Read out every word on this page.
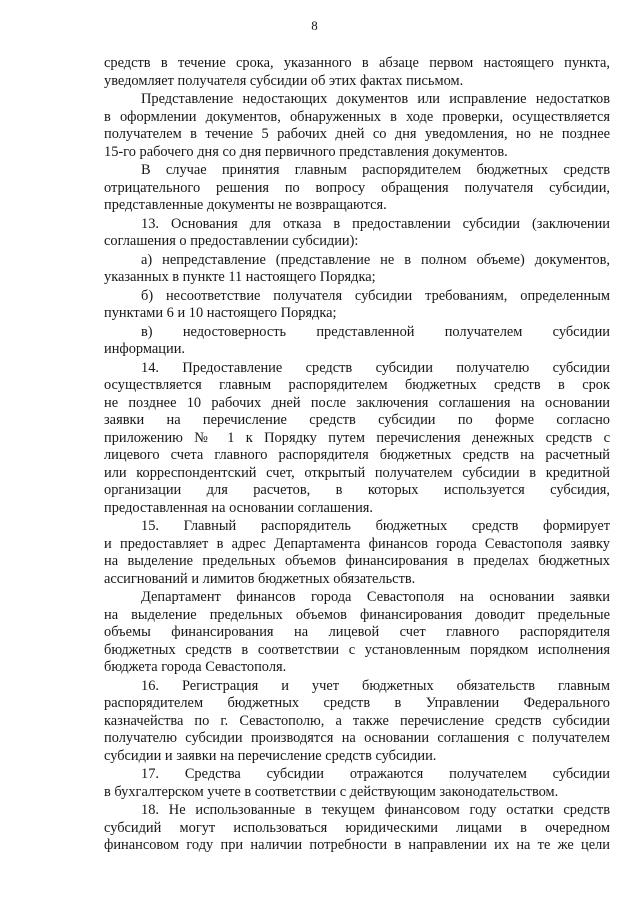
8

средств в течение срока, указанного в абзаце первом настоящего пункта,

уведомляет получателя субсидии об этих фактах письмом.

Представление недостающих документов или исправление недостатков

в оформлении документов, обнаруженных в ходе проверки, осуществляется

получателем в течение 5 рабочих дней со дня уведомления, но не позднее

15-го рабочего дня со дня первичного представления документов.

В случае принятия главным распорядителем бюджетных средств

отрицательного решения по вопросу обращения получателя субсидии,

представленные документы не возвращаются.

13. Основания для отказа в предоставлении субсидии (заключении

соглашения о предоставлении субсидии):

а) непредставление (представление не в полном объеме) документов,

указанных в пункте 11 настоящего Порядка;

б) несоответствие получателя субсидии требованиям, определенным

пунктами 6 и 10 настоящего Порядка;

в) недостоверность представленной получателем субсидии

информации.

14. Предоставление средств субсидии получателю субсидии

осуществляется главным распорядителем бюджетных средств в срок

не позднее 10 рабочих дней после заключения соглашения на основании

заявки на перечисление средств субсидии по форме согласно

приложению № 1 к Порядку путем перечисления денежных средств с

лицевого счета главного распорядителя бюджетных средств на расчетный

или корреспондентский счет, открытый получателем субсидии в кредитной

организации для расчетов, в которых используется субсидия,

предоставленная на основании соглашения.

15. Главный распорядитель бюджетных средств формирует

и предоставляет в адрес Департамента финансов города Севастополя заявку

на выделение предельных объемов финансирования в пределах бюджетных

ассигнований и лимитов бюджетных обязательств.

Департамент финансов города Севастополя на основании заявки

на выделение предельных объемов финансирования доводит предельные

объемы финансирования на лицевой счет главного распорядителя

бюджетных средств в соответствии с установленным порядком исполнения

бюджета города Севастополя.

16. Регистрация и учет бюджетных обязательств главным

распорядителем бюджетных средств в Управлении Федерального

казначейства по г. Севастополю, а также перечисление средств субсидии

получателю субсидии производятся на основании соглашения с получателем

субсидии и заявки на перечисление средств субсидии.

17. Средства субсидии отражаются получателем субсидии

в бухгалтерском учете в соответствии с действующим законодательством.

18. Не использованные в текущем финансовом году остатки средств

субсидий могут использоваться юридическими лицами в очередном

финансовом году при наличии потребности в направлении их на те же цели
